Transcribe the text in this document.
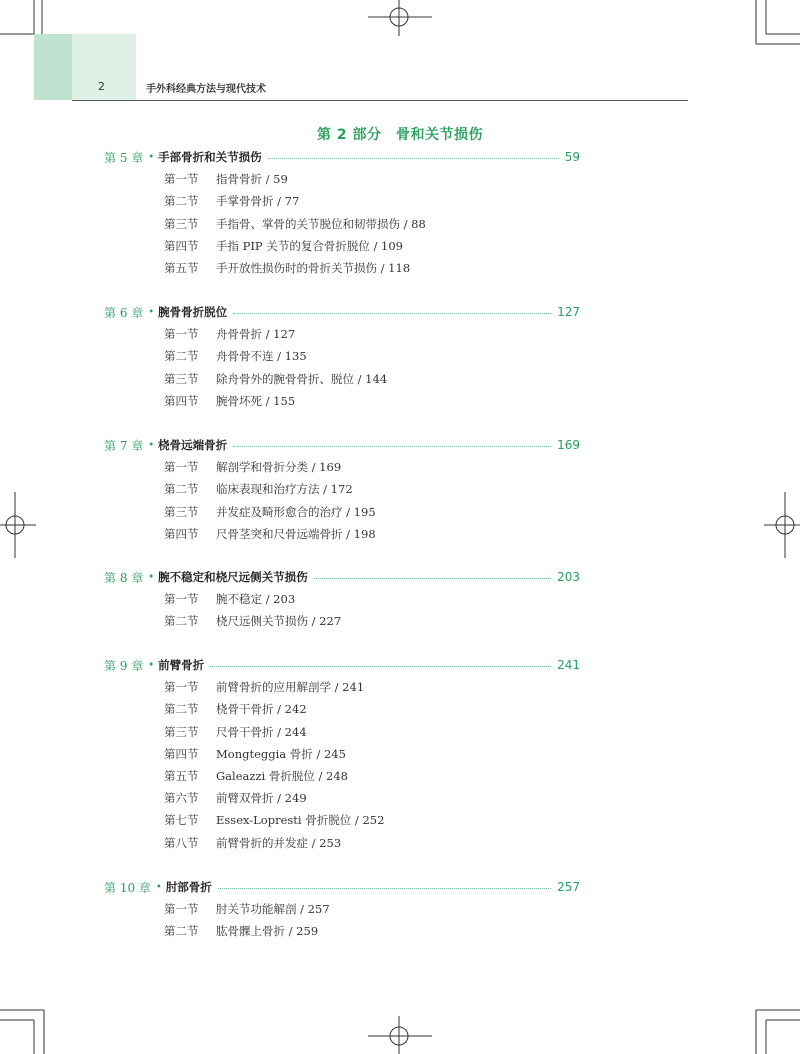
2	手外科经典方法与现代技术
第 2 部分　骨和关节损伤
第 5 章 • 手部骨折和关节损伤	59
第一节	指骨骨折 / 59
第二节	手掌骨骨折 / 77
第三节	手指骨、掌骨的关节脱位和韧带损伤 / 88
第四节	手指 PIP 关节的复合骨折脱位 / 109
第五节	手开放性损伤时的骨折关节损伤 / 118
第 6 章 • 腕骨骨折脱位	127
第一节	舟骨骨折 / 127
第二节	舟骨骨不连 / 135
第三节	除舟骨外的腕骨骨折、脱位 / 144
第四节	腕骨坏死 / 155
第 7 章 • 桡骨远端骨折	169
第一节	解剖学和骨折分类 / 169
第二节	临床表现和治疗方法 / 172
第三节	并发症及畸形愈合的治疗 / 195
第四节	尺骨茎突和尺骨远端骨折 / 198
第 8 章 • 腕不稳定和桡尺远侧关节损伤	203
第一节	腕不稳定 / 203
第二节	桡尺远侧关节损伤 / 227
第 9 章 • 前臂骨折	241
第一节	前臂骨折的应用解剖学 / 241
第二节	桡骨干骨折 / 242
第三节	尺骨干骨折 / 244
第四节	Mongteggia 骨折 / 245
第五节	Galeazzi 骨折脱位 / 248
第六节	前臂双骨折 / 249
第七节	Essex-Lopresti 骨折脱位 / 252
第八节	前臂骨折的并发症 / 253
第 10 章 • 肘部骨折	257
第一节	肘关节功能解剖 / 257
第二节	肱骨髁上骨折 / 259
